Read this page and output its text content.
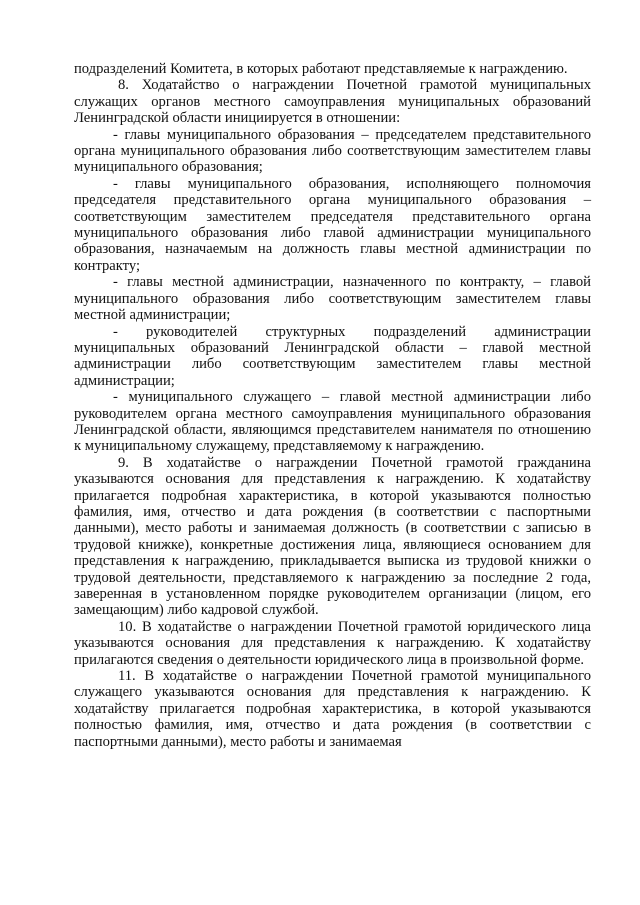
подразделений Комитета, в которых работают представляемые к награждению.

8. Ходатайство о награждении Почетной грамотой муниципальных служащих органов местного самоуправления муниципальных образований Ленинградской области инициируется в отношении:

- главы муниципального образования – председателем представительного органа муниципального образования либо соответствующим заместителем главы муниципального образования;

- главы муниципального образования, исполняющего полномочия председателя представительного органа муниципального образования – соответствующим заместителем председателя представительного органа муниципального образования либо главой администрации муниципального образования, назначаемым на должность главы местной администрации по контракту;

- главы местной администрации, назначенного по контракту, – главой муниципального образования либо соответствующим заместителем главы местной администрации;

- руководителей структурных подразделений администрации муниципальных образований Ленинградской области – главой местной администрации либо соответствующим заместителем главы местной администрации;

- муниципального служащего – главой местной администрации либо руководителем органа местного самоуправления муниципального образования Ленинградской области, являющимся представителем нанимателя по отношению к муниципальному служащему, представляемому к награждению.

9. В ходатайстве о награждении Почетной грамотой гражданина указываются основания для представления к награждению. К ходатайству прилагается подробная характеристика, в которой указываются полностью фамилия, имя, отчество и дата рождения (в соответствии с паспортными данными), место работы и занимаемая должность (в соответствии с записью в трудовой книжке), конкретные достижения лица, являющиеся основанием для представления к награждению, прикладывается выписка из трудовой книжки о трудовой деятельности, представляемого к награждению за последние 2 года, заверенная в установленном порядке руководителем организации (лицом, его замещающим) либо кадровой службой.

10. В ходатайстве о награждении Почетной грамотой юридического лица указываются основания для представления к награждению. К ходатайству прилагаются сведения о деятельности юридического лица в произвольной форме.

11. В ходатайстве о награждении Почетной грамотой муниципального служащего указываются основания для представления к награждению. К ходатайству прилагается подробная характеристика, в которой указываются полностью фамилия, имя, отчество и дата рождения (в соответствии с паспортными данными), место работы и занимаемая
